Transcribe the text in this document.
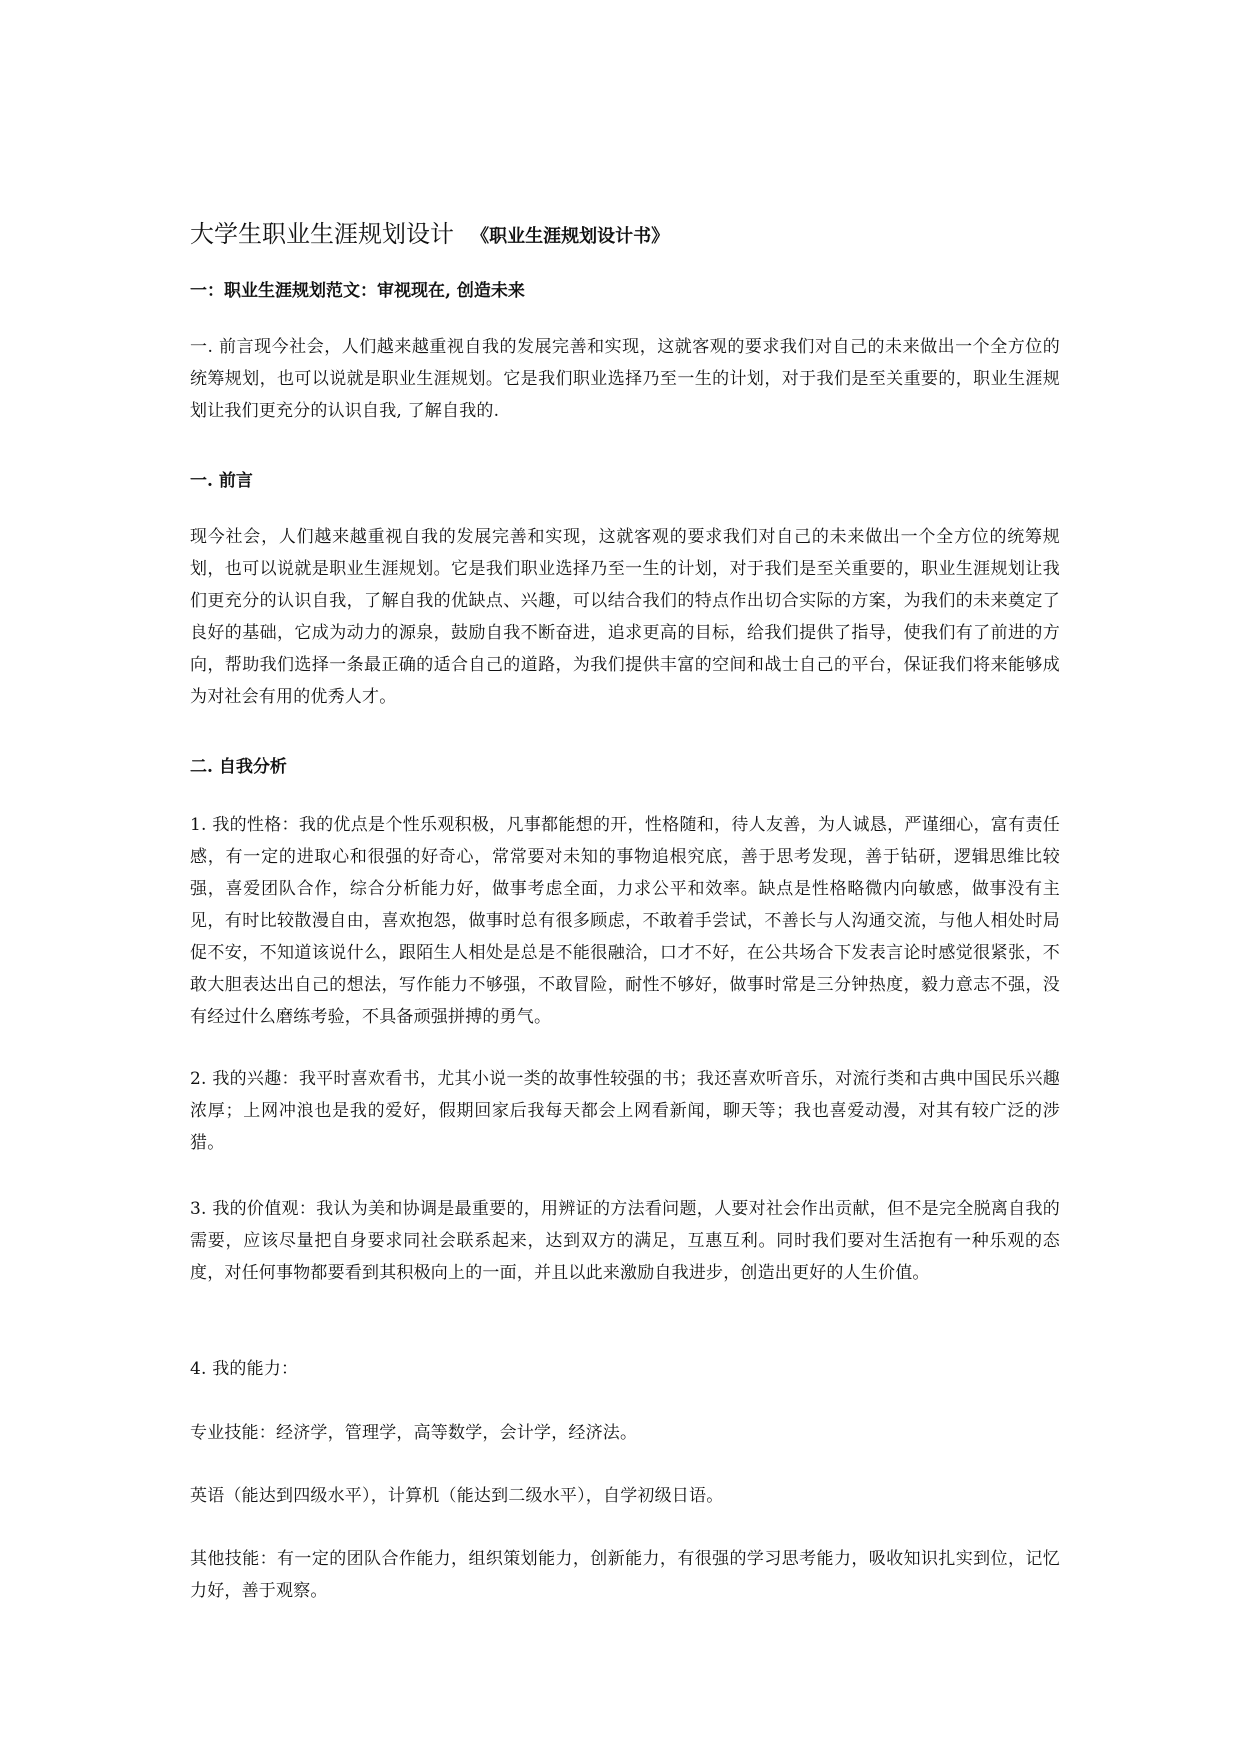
大学生职业生涯规划设计 《职业生涯规划设计书》
一：职业生涯规划范文：审视现在, 创造未来
一. 前言现今社会，人们越来越重视自我的发展完善和实现，这就客观的要求我们对自己的未来做出一个全方位的统筹规划，也可以说就是职业生涯规划。它是我们职业选择乃至一生的计划，对于我们是至关重要的，职业生涯规划让我们更充分的认识自我, 了解自我的.
一. 前言
现今社会，人们越来越重视自我的发展完善和实现，这就客观的要求我们对自己的未来做出一个全方位的统筹规划，也可以说就是职业生涯规划。它是我们职业选择乃至一生的计划，对于我们是至关重要的，职业生涯规划让我们更充分的认识自我，了解自我的优缺点、兴趣，可以结合我们的特点作出切合实际的方案，为我们的未来奠定了良好的基础，它成为动力的源泉，鼓励自我不断奋进，追求更高的目标，给我们提供了指导，使我们有了前进的方向，帮助我们选择一条最正确的适合自己的道路，为我们提供丰富的空间和战士自己的平台，保证我们将来能够成为对社会有用的优秀人才。
二. 自我分析
1. 我的性格：我的优点是个性乐观积极，凡事都能想的开，性格随和，待人友善，为人诚恳，严谨细心，富有责任感，有一定的进取心和很强的好奇心，常常要对未知的事物追根究底，善于思考发现，善于钻研，逻辑思维比较强，喜爱团队合作，综合分析能力好，做事考虑全面，力求公平和效率。缺点是性格略微内向敏感，做事没有主见，有时比较散漫自由，喜欢抱怨，做事时总有很多顾虑，不敢着手尝试，不善长与人沟通交流，与他人相处时局促不安，不知道该说什么，跟陌生人相处是总是不能很融洽，口才不好，在公共场合下发表言论时感觉很紧张，不敢大胆表达出自己的想法，写作能力不够强，不敢冒险，耐性不够好，做事时常是三分钟热度，毅力意志不强，没有经过什么磨练考验，不具备顽强拼搏的勇气。
2. 我的兴趣：我平时喜欢看书，尤其小说一类的故事性较强的书；我还喜欢听音乐，对流行类和古典中国民乐兴趣浓厚；上网冲浪也是我的爱好，假期回家后我每天都会上网看新闻，聊天等；我也喜爱动漫，对其有较广泛的涉猎。
3. 我的价值观：我认为美和协调是最重要的，用辨证的方法看问题，人要对社会作出贡献，但不是完全脱离自我的需要，应该尽量把自身要求同社会联系起来，达到双方的满足，互惠互利。同时我们要对生活抱有一种乐观的态度，对任何事物都要看到其积极向上的一面，并且以此来激励自我进步，创造出更好的人生价值。
4. 我的能力：
专业技能：经济学，管理学，高等数学，会计学，经济法。
英语（能达到四级水平），计算机（能达到二级水平），自学初级日语。
其他技能：有一定的团队合作能力，组织策划能力，创新能力，有很强的学习思考能力，吸收知识扎实到位，记忆力好，善于观察。
